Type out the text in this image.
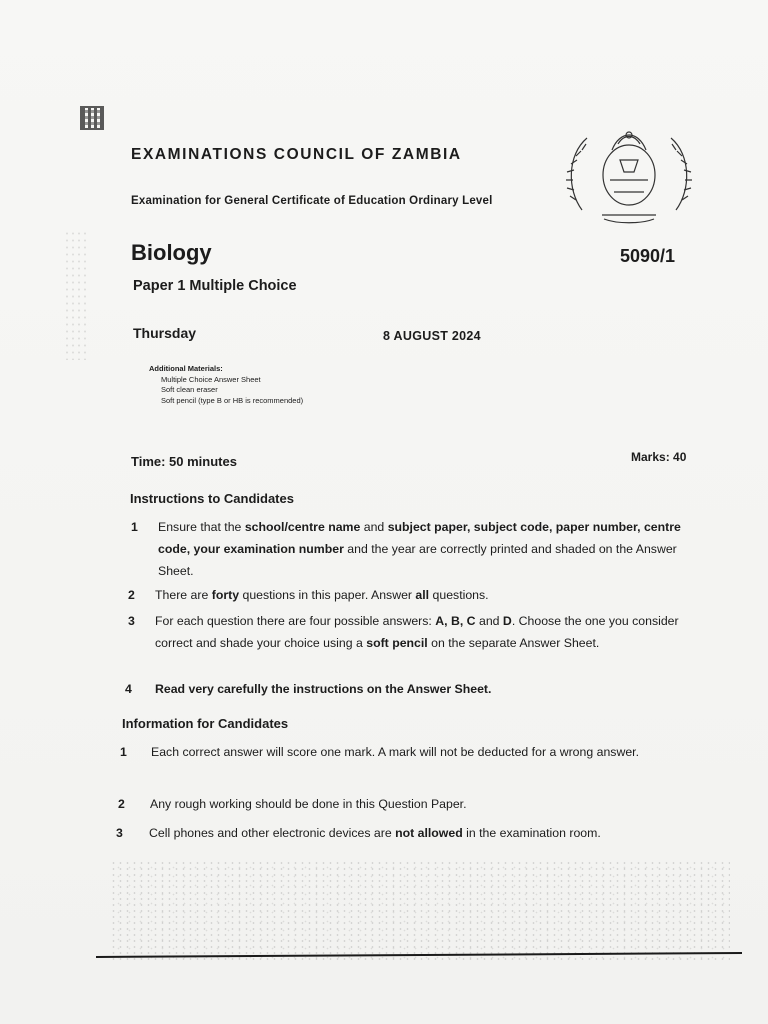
EXAMINATIONS COUNCIL OF ZAMBIA
Examination for General Certificate of Education Ordinary Level
Biology	5090/1
Paper 1 Multiple Choice
Thursday	8 AUGUST 2024
Additional Materials:
Multiple Choice Answer Sheet
Soft clean eraser
Soft pencil (type B or HB is recommended)
Time: 50 minutes	Marks: 40
Instructions to Candidates
1	Ensure that the school/centre name and subject paper, subject code, paper number, centre code, your examination number and the year are correctly printed and shaded on the Answer Sheet.
2	There are forty questions in this paper. Answer all questions.
3	For each question there are four possible answers: A, B, C and D. Choose the one you consider correct and shade your choice using a soft pencil on the separate Answer Sheet.
4	Read very carefully the instructions on the Answer Sheet.
Information for Candidates
1	Each correct answer will score one mark. A mark will not be deducted for a wrong answer.
2	Any rough working should be done in this Question Paper.
3	Cell phones and other electronic devices are not allowed in the examination room.
